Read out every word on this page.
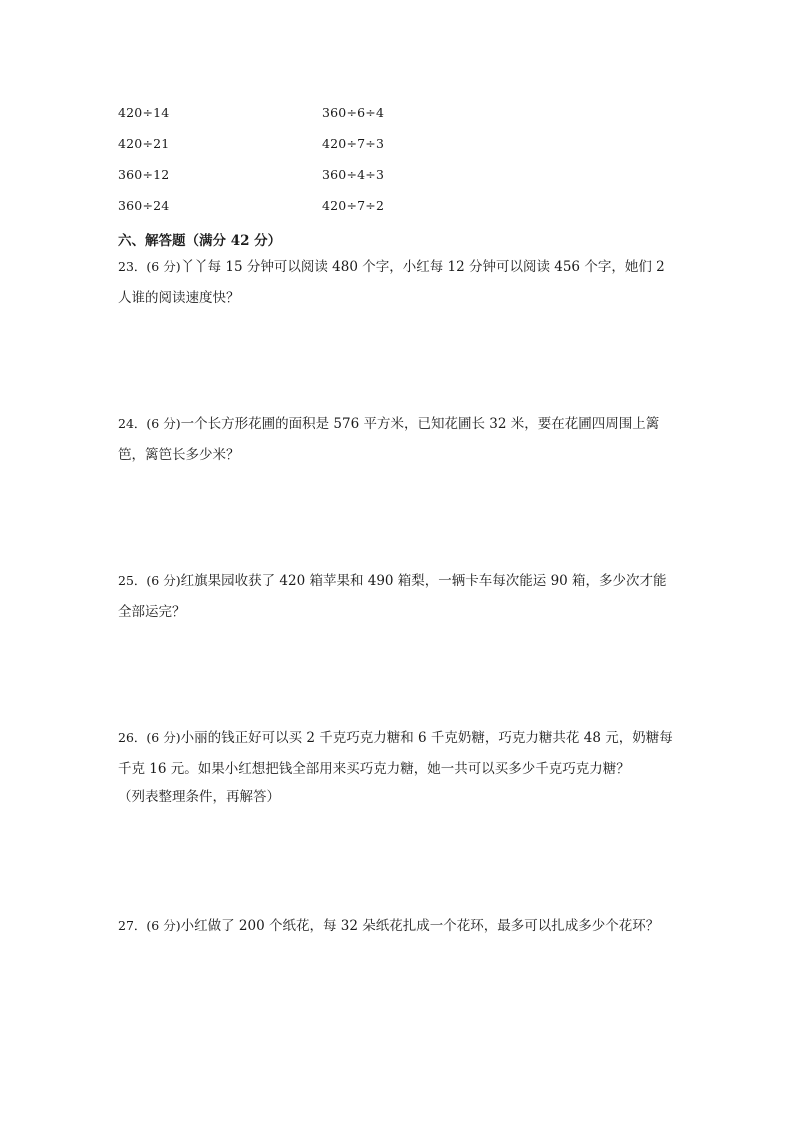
420÷14
420÷21
360÷12
360÷24
360÷6÷4
420÷7÷3
360÷4÷3
420÷7÷2
六、解答题（满分 42 分）
23．(6 分)丫丫每 15 分钟可以阅读 480 个字，小红每 12 分钟可以阅读 456 个字，她们 2 人谁的阅读速度快？
24．(6 分)一个长方形花圃的面积是 576 平方米，已知花圃长 32 米，要在花圃四周围上篱笆，篱笆长多少米？
25．(6 分)红旗果园收获了 420 箱苹果和 490 箱梨，一辆卡车每次能运 90 箱，多少次才能全部运完？
26．(6 分)小丽的钱正好可以买 2 千克巧克力糖和 6 千克奶糖，巧克力糖共花 48 元，奶糖每千克 16 元。如果小红想把钱全部用来买巧克力糖，她一共可以买多少千克巧克力糖？
（列表整理条件，再解答）
27．(6 分)小红做了 200 个纸花，每 32 朵纸花扎成一个花环，最多可以扎成多少个花环？
